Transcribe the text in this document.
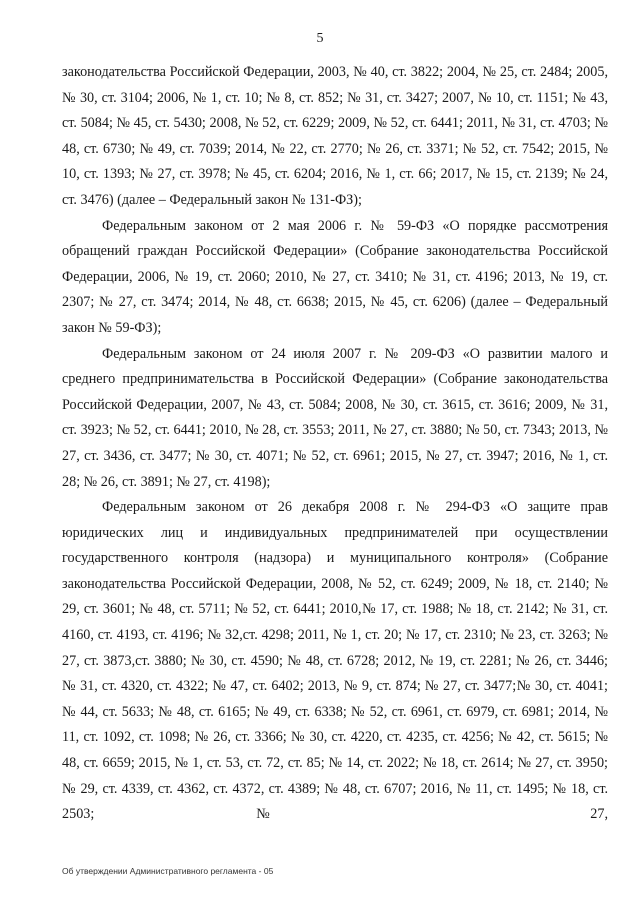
5

законодательства Российской Федерации, 2003, № 40, ст. 3822; 2004, № 25, ст. 2484; 2005, № 30, ст. 3104; 2006, № 1, ст. 10; № 8, ст. 852; № 31, ст. 3427; 2007, № 10, ст. 1151; № 43, ст. 5084; № 45, ст. 5430; 2008, № 52, ст. 6229; 2009, № 52, ст. 6441; 2011, № 31, ст. 4703; № 48, ст. 6730; № 49, ст. 7039; 2014, № 22, ст. 2770; № 26, ст. 3371; № 52, ст. 7542; 2015, № 10, ст. 1393; № 27, ст. 3978; № 45, ст. 6204; 2016, № 1, ст. 66; 2017, № 15, ст. 2139; № 24, ст. 3476) (далее – Федеральный закон № 131-ФЗ);

Федеральным законом от 2 мая 2006 г. № 59-ФЗ «О порядке рассмотрения обращений граждан Российской Федерации» (Собрание законодательства Российской Федерации, 2006, № 19, ст. 2060; 2010, № 27, ст. 3410; № 31, ст. 4196; 2013, № 19, ст. 2307; № 27, ст. 3474; 2014, № 48, ст. 6638; 2015, № 45, ст. 6206) (далее – Федеральный закон № 59-ФЗ);

Федеральным законом от 24 июля 2007 г. № 209-ФЗ «О развитии малого и среднего предпринимательства в Российской Федерации» (Собрание законодательства Российской Федерации, 2007, № 43, ст. 5084; 2008, № 30, ст. 3615, ст. 3616; 2009, № 31, ст. 3923; № 52, ст. 6441; 2010, № 28, ст. 3553; 2011, № 27, ст. 3880; № 50, ст. 7343; 2013, № 27, ст. 3436, ст. 3477; № 30, ст. 4071; № 52, ст. 6961; 2015, № 27, ст. 3947; 2016, № 1, ст. 28; № 26, ст. 3891; № 27, ст. 4198);

Федеральным законом от 26 декабря 2008 г. № 294-ФЗ «О защите прав юридических лиц и индивидуальных предпринимателей при осуществлении государственного контроля (надзора) и муниципального контроля» (Собрание законодательства Российской Федерации, 2008, № 52, ст. 6249; 2009, № 18, ст. 2140; № 29, ст. 3601; № 48, ст. 5711; № 52, ст. 6441; 2010,№ 17, ст. 1988; № 18, ст. 2142; № 31, ст. 4160, ст. 4193, ст. 4196; № 32,ст. 4298; 2011, № 1, ст. 20; № 17, ст. 2310; № 23, ст. 3263; № 27, ст. 3873,ст. 3880; № 30, ст. 4590; № 48, ст. 6728; 2012, № 19, ст. 2281; № 26, ст. 3446; № 31, ст. 4320, ст. 4322; № 47, ст. 6402; 2013, № 9, ст. 874; № 27, ст. 3477;№ 30, ст. 4041; № 44, ст. 5633; № 48, ст. 6165; № 49, ст. 6338; № 52, ст. 6961, ст. 6979, ст. 6981; 2014, № 11, ст. 1092, ст. 1098; № 26, ст. 3366; № 30, ст. 4220, ст. 4235, ст. 4256; № 42, ст. 5615; № 48, ст. 6659; 2015, № 1, ст. 53, ст. 72, ст. 85; № 14, ст. 2022; № 18, ст. 2614; № 27, ст. 3950; № 29, ст. 4339, ст. 4362, ст. 4372, ст. 4389; № 48, ст. 6707; 2016, № 11, ст. 1495; № 18, ст. 2503; № 27,

Об утверждении Административного регламента - 05
